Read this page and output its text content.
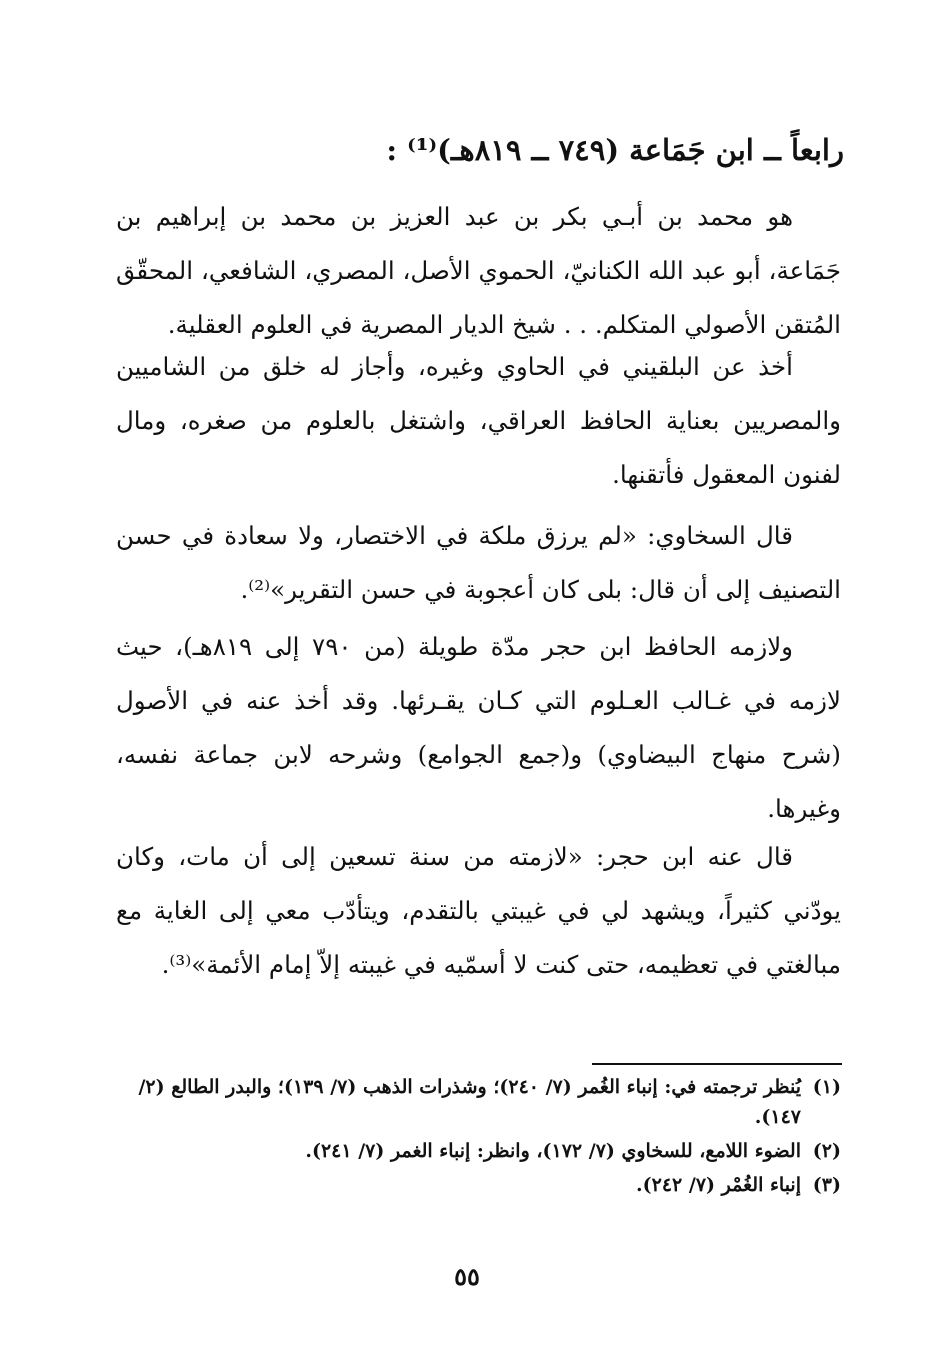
رابعاً ــ ابن جَمَاعة (٧٤٩ ــ ٨١٩هـ)⁽¹⁾ :
هو محمد بن أبـي بكر بن عبد العزيز بن محمد بن إبراهيم بن جَمَاعة، أبو عبد الله الكنانيّ، الحموي الأصل، المصري، الشافعي، المحقّق المُتقن الأصولي المتكلم. . . شيخ الديار المصرية في العلوم العقلية.
أخذ عن البلقيني في الحاوي وغيره، وأجاز له خلق من الشاميين والمصريين بعناية الحافظ العراقي، واشتغل بالعلوم من صغره، ومال لفنون المعقول فأتقنها.
قال السخاوي: «لم يرزق ملكة في الاختصار، ولا سعادة في حسن التصنيف إلى أن قال: بلى كان أعجوبة في حسن التقرير»⁽²⁾.
ولازمه الحافظ ابن حجر مدّة طويلة (من ٧٩٠ إلى ٨١٩هـ)، حيث لازمه في غـالب العـلوم التي كـان يقـرئها. وقد أخذ عنه في الأصول (شرح منهاج البيضاوي) و(جمع الجوامع) وشرحه لابن جماعة نفسه، وغيرها.
قال عنه ابن حجر: «لازمته من سنة تسعين إلى أن مات، وكان يودّني كثيراً، ويشهد لي في غيبتي بالتقدم، ويتأدّب معي إلى الغاية مع مبالغتي في تعظيمه، حتى كنت لا أسمّيه في غيبته إلاّ إمام الأئمة»⁽³⁾.
(١)
يُنظر ترجمته في: إنباء الغُمر (٧/ ٢٤٠)؛ وشذرات الذهب (٧/ ١٣٩)؛ والبدر الطالع (٢/ ١٤٧).
(٢)
الضوء اللامع، للسخاوي (٧/ ١٧٢)، وانظر: إنباء الغمر (٧/ ٢٤١).
(٣)
إنباء الغُمْر (٧/ ٢٤٢).
٥٥
